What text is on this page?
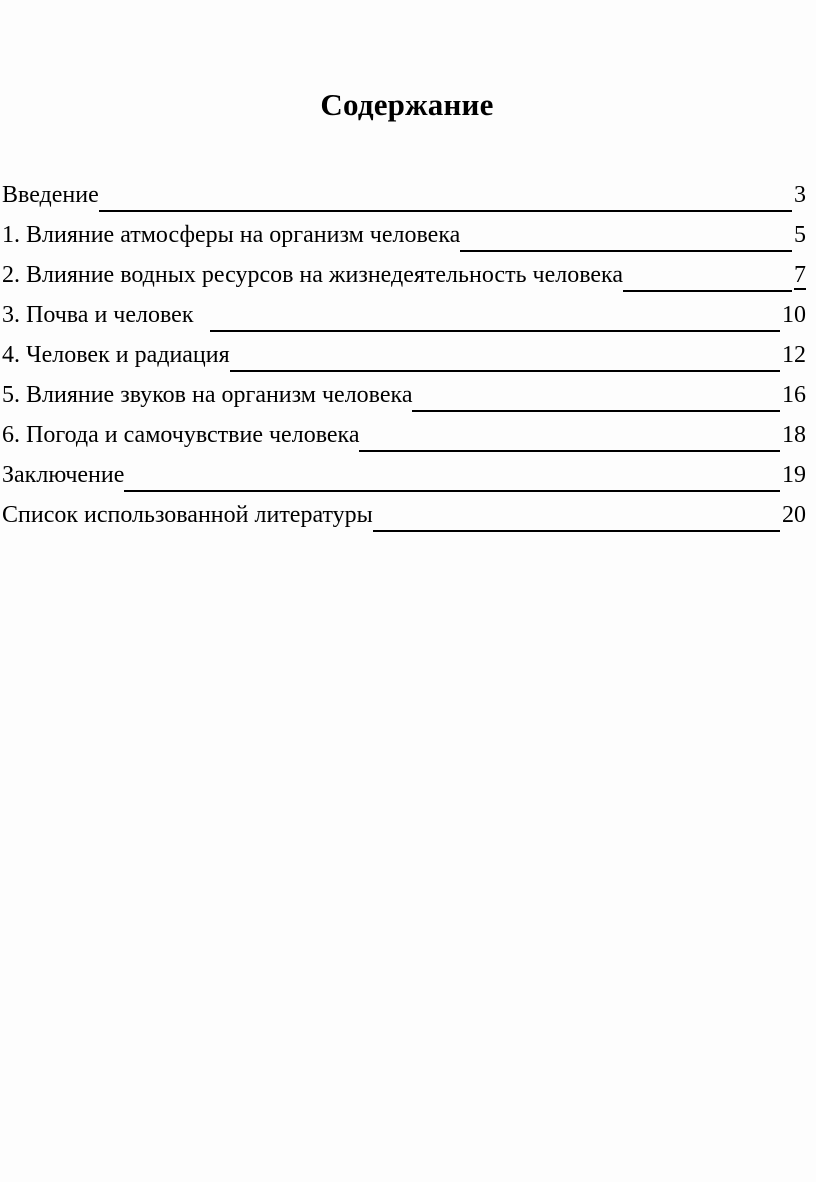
Содержание
Введение	3
1. Влияние атмосферы на организм человека	5
2. Влияние водных ресурсов на жизнедеятельность человека	7
3. Почва и человек	10
4. Человек и радиация	12
5. Влияние звуков на организм человека	16
6. Погода и самочувствие человека	18
Заключение	19
Список использованной литературы	20
